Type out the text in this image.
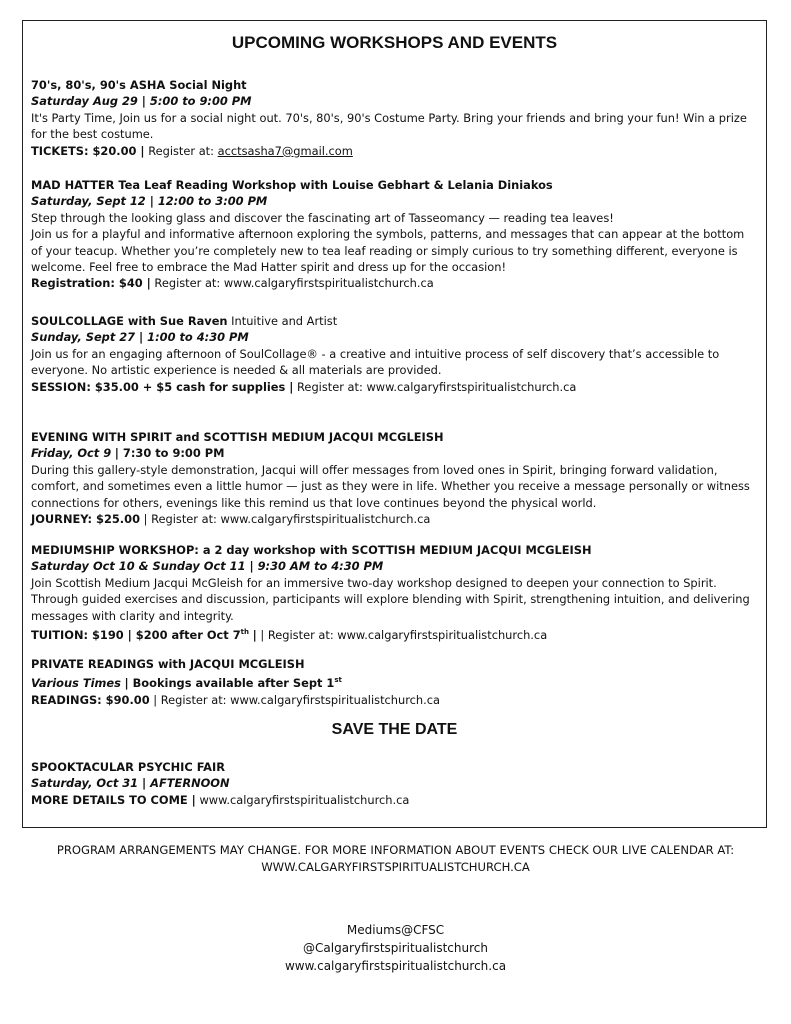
UPCOMING WORKSHOPS AND EVENTS

70's, 80's, 90's ASHA Social Night

Saturday Aug 29 | 5:00 to 9:00 PM

It's Party Time, Join us for a social night out. 70's, 80's, 90's Costume Party. Bring your friends and bring your fun! Win a prize for the best costume.

TICKETS: $20.00 | Register at: acctsasha7@gmail.com

MAD HATTER Tea Leaf Reading Workshop with Louise Gebhart & Lelania Diniakos

Saturday, Sept 12 | 12:00 to 3:00 PM

Step through the looking glass and discover the fascinating art of Tasseomancy — reading tea leaves!

Join us for a playful and informative afternoon exploring the symbols, patterns, and messages that can appear at the bottom of your teacup. Whether you’re completely new to tea leaf reading or simply curious to try something different, everyone is welcome. Feel free to embrace the Mad Hatter spirit and dress up for the occasion!

Registration: $40 | Register at: www.calgaryfirstspiritualistchurch.ca

SOULCOLLAGE with Sue Raven Intuitive and Artist

Sunday, Sept 27 | 1:00 to 4:30 PM

Join us for an engaging afternoon of SoulCollage® - a creative and intuitive process of self discovery that’s accessible to everyone. No artistic experience is needed & all materials are provided.

SESSION: $35.00 + $5 cash for supplies | Register at: www.calgaryfirstspiritualistchurch.ca

EVENING WITH SPIRIT and SCOTTISH MEDIUM JACQUI MCGLEISH

Friday, Oct 9 | 7:30 to 9:00 PM

During this gallery-style demonstration, Jacqui will offer messages from loved ones in Spirit, bringing forward validation, comfort, and sometimes even a little humor — just as they were in life. Whether you receive a message personally or witness connections for others, evenings like this remind us that love continues beyond the physical world.

JOURNEY: $25.00 | Register at: www.calgaryfirstspiritualistchurch.ca

MEDIUMSHIP WORKSHOP: a 2 day workshop with SCOTTISH MEDIUM JACQUI MCGLEISH

Saturday Oct 10 & Sunday Oct 11 | 9:30 AM to 4:30 PM

Join Scottish Medium Jacqui McGleish for an immersive two-day workshop designed to deepen your connection to Spirit. Through guided exercises and discussion, participants will explore blending with Spirit, strengthening intuition, and delivering messages with clarity and integrity.

TUITION: $190 | $200 after Oct 7th | | Register at: www.calgaryfirstspiritualistchurch.ca

PRIVATE READINGS with JACQUI MCGLEISH

Various Times | Bookings available after Sept 1st

READINGS: $90.00 | Register at: www.calgaryfirstspiritualistchurch.ca

SAVE THE DATE

SPOOKTACULAR PSYCHIC FAIR

Saturday, Oct 31 | AFTERNOON

MORE DETAILS TO COME | www.calgaryfirstspiritualistchurch.ca

PROGRAM ARRANGEMENTS MAY CHANGE. FOR MORE INFORMATION ABOUT EVENTS CHECK OUR LIVE CALENDAR AT: WWW.CALGARYFIRSTSPIRITUALISTCHURCH.CA
Mediums@CFSC
@Calgaryfirstspiritualistchurch
www.calgaryfirstspiritualistchurch.ca
